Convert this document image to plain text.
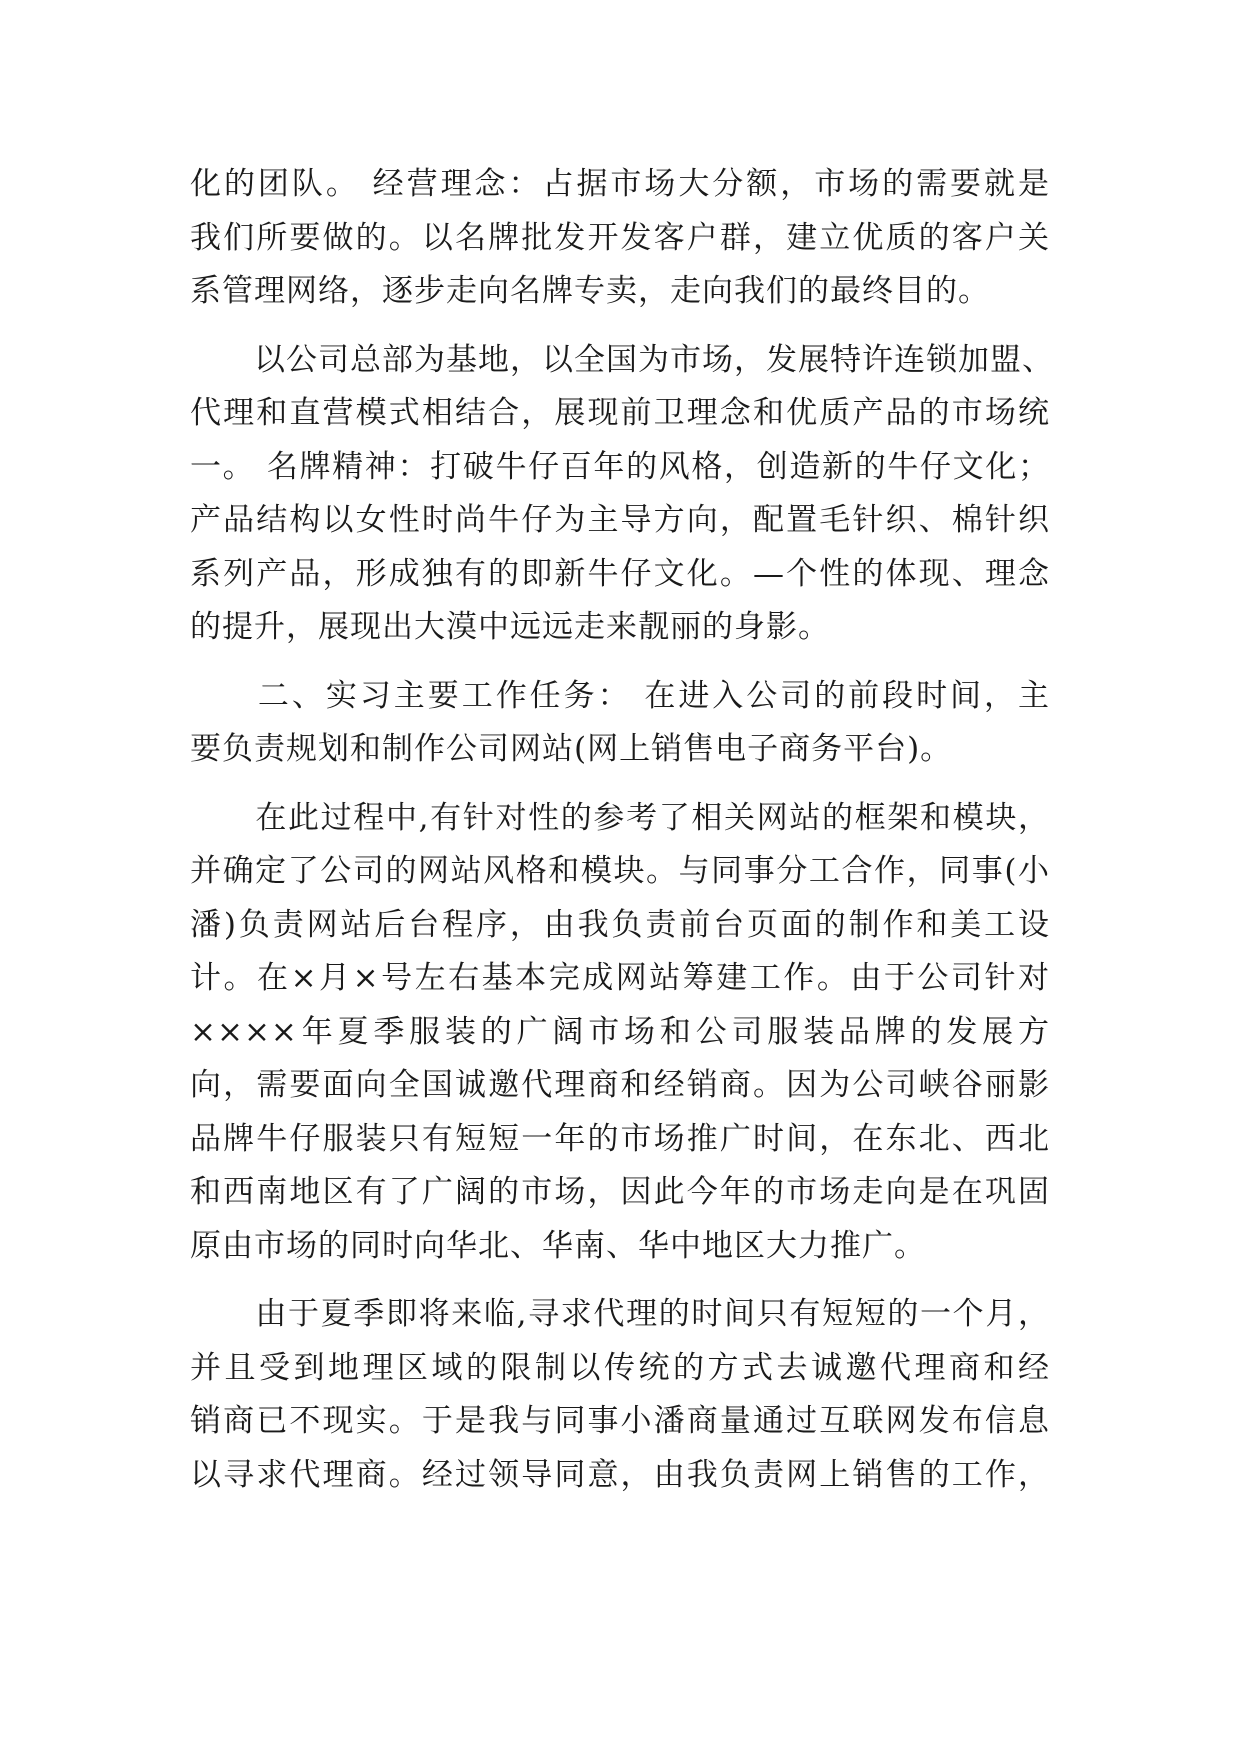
化的团队。 经营理念：占据市场大分额，市场的需要就是
我们所要做的。以名牌批发开发客户群，建立优质的客户关
系管理网络，逐步走向名牌专卖，走向我们的最终目的。
　　以公司总部为基地，以全国为市场，发展特许连锁加盟、
代理和直营模式相结合，展现前卫理念和优质产品的市场统
一。 名牌精神：打破牛仔百年的风格，创造新的牛仔文化；
产品结构以女性时尚牛仔为主导方向，配置毛针织、棉针织
系列产品，形成独有的即新牛仔文化。—个性的体现、理念
的提升，展现出大漠中远远走来靓丽的身影。
　　二、实习主要工作任务： 在进入公司的前段时间，主
要负责规划和制作公司网站(网上销售电子商务平台)。
　　在此过程中,有针对性的参考了相关网站的框架和模块，
并确定了公司的网站风格和模块。与同事分工合作，同事(小
潘)负责网站后台程序，由我负责前台页面的制作和美工设
计。在×月×号左右基本完成网站筹建工作。由于公司针对
××××年夏季服装的广阔市场和公司服装品牌的发展方
向，需要面向全国诚邀代理商和经销商。因为公司峡谷丽影
品牌牛仔服装只有短短一年的市场推广时间，在东北、西北
和西南地区有了广阔的市场，因此今年的市场走向是在巩固
原由市场的同时向华北、华南、华中地区大力推广。
　　由于夏季即将来临,寻求代理的时间只有短短的一个月，
并且受到地理区域的限制以传统的方式去诚邀代理商和经
销商已不现实。于是我与同事小潘商量通过互联网发布信息
以寻求代理商。经过领导同意，由我负责网上销售的工作，
